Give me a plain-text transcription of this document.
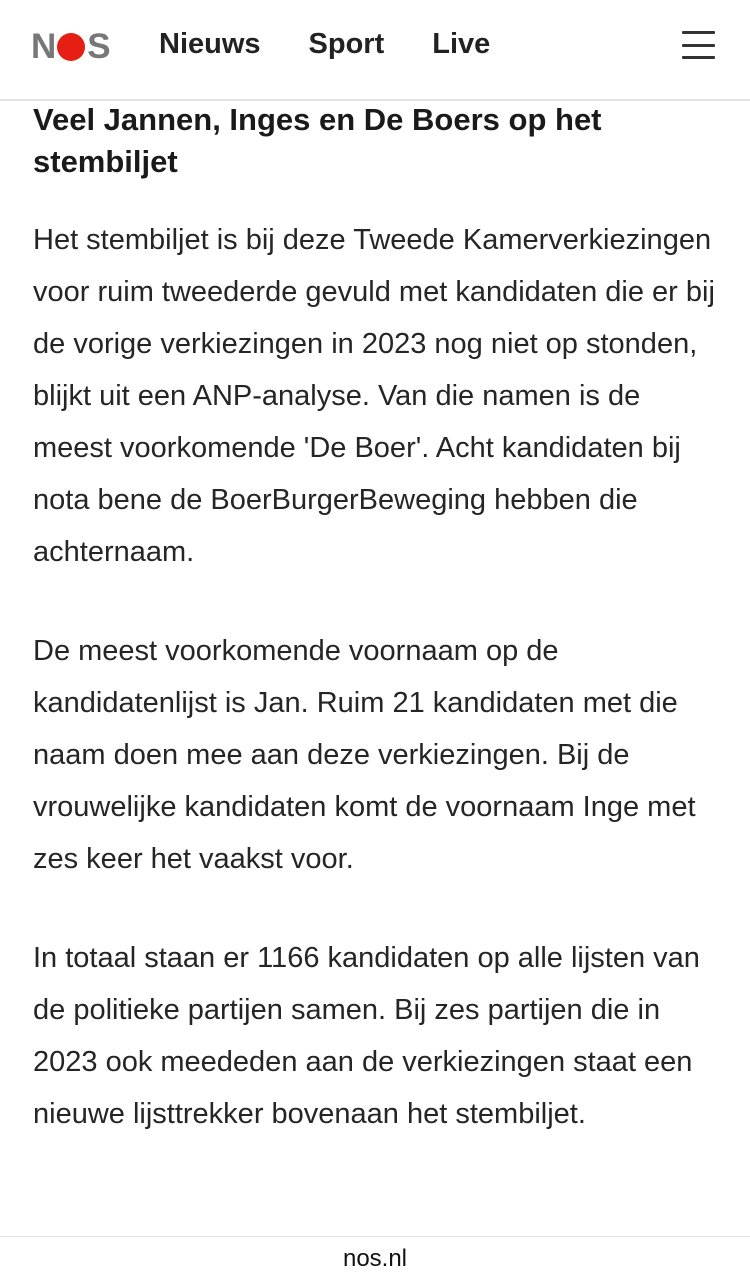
N S Nieuws Sport Live
Veel Jannen, Inges en De Boers op het stembiljet

Het stembiljet is bij deze Tweede Kamerverkiezingen voor ruim tweederde gevuld met kandidaten die er bij de vorige verkiezingen in 2023 nog niet op stonden, blijkt uit een ANP-analyse. Van die namen is de meest voorkomende 'De Boer'. Acht kandidaten bij nota bene de BoerBurgerBeweging hebben die achternaam.

De meest voorkomende voornaam op de kandidatenlijst is Jan. Ruim 21 kandidaten met die naam doen mee aan deze verkiezingen. Bij de vrouwelijke kandidaten komt de voornaam Inge met zes keer het vaakst voor.

In totaal staan er 1166 kandidaten op alle lijsten van de politieke partijen samen. Bij zes partijen die in 2023 ook meededen aan de verkiezingen staat een nieuwe lijsttrekker bovenaan het stembiljet.

nos.nl
